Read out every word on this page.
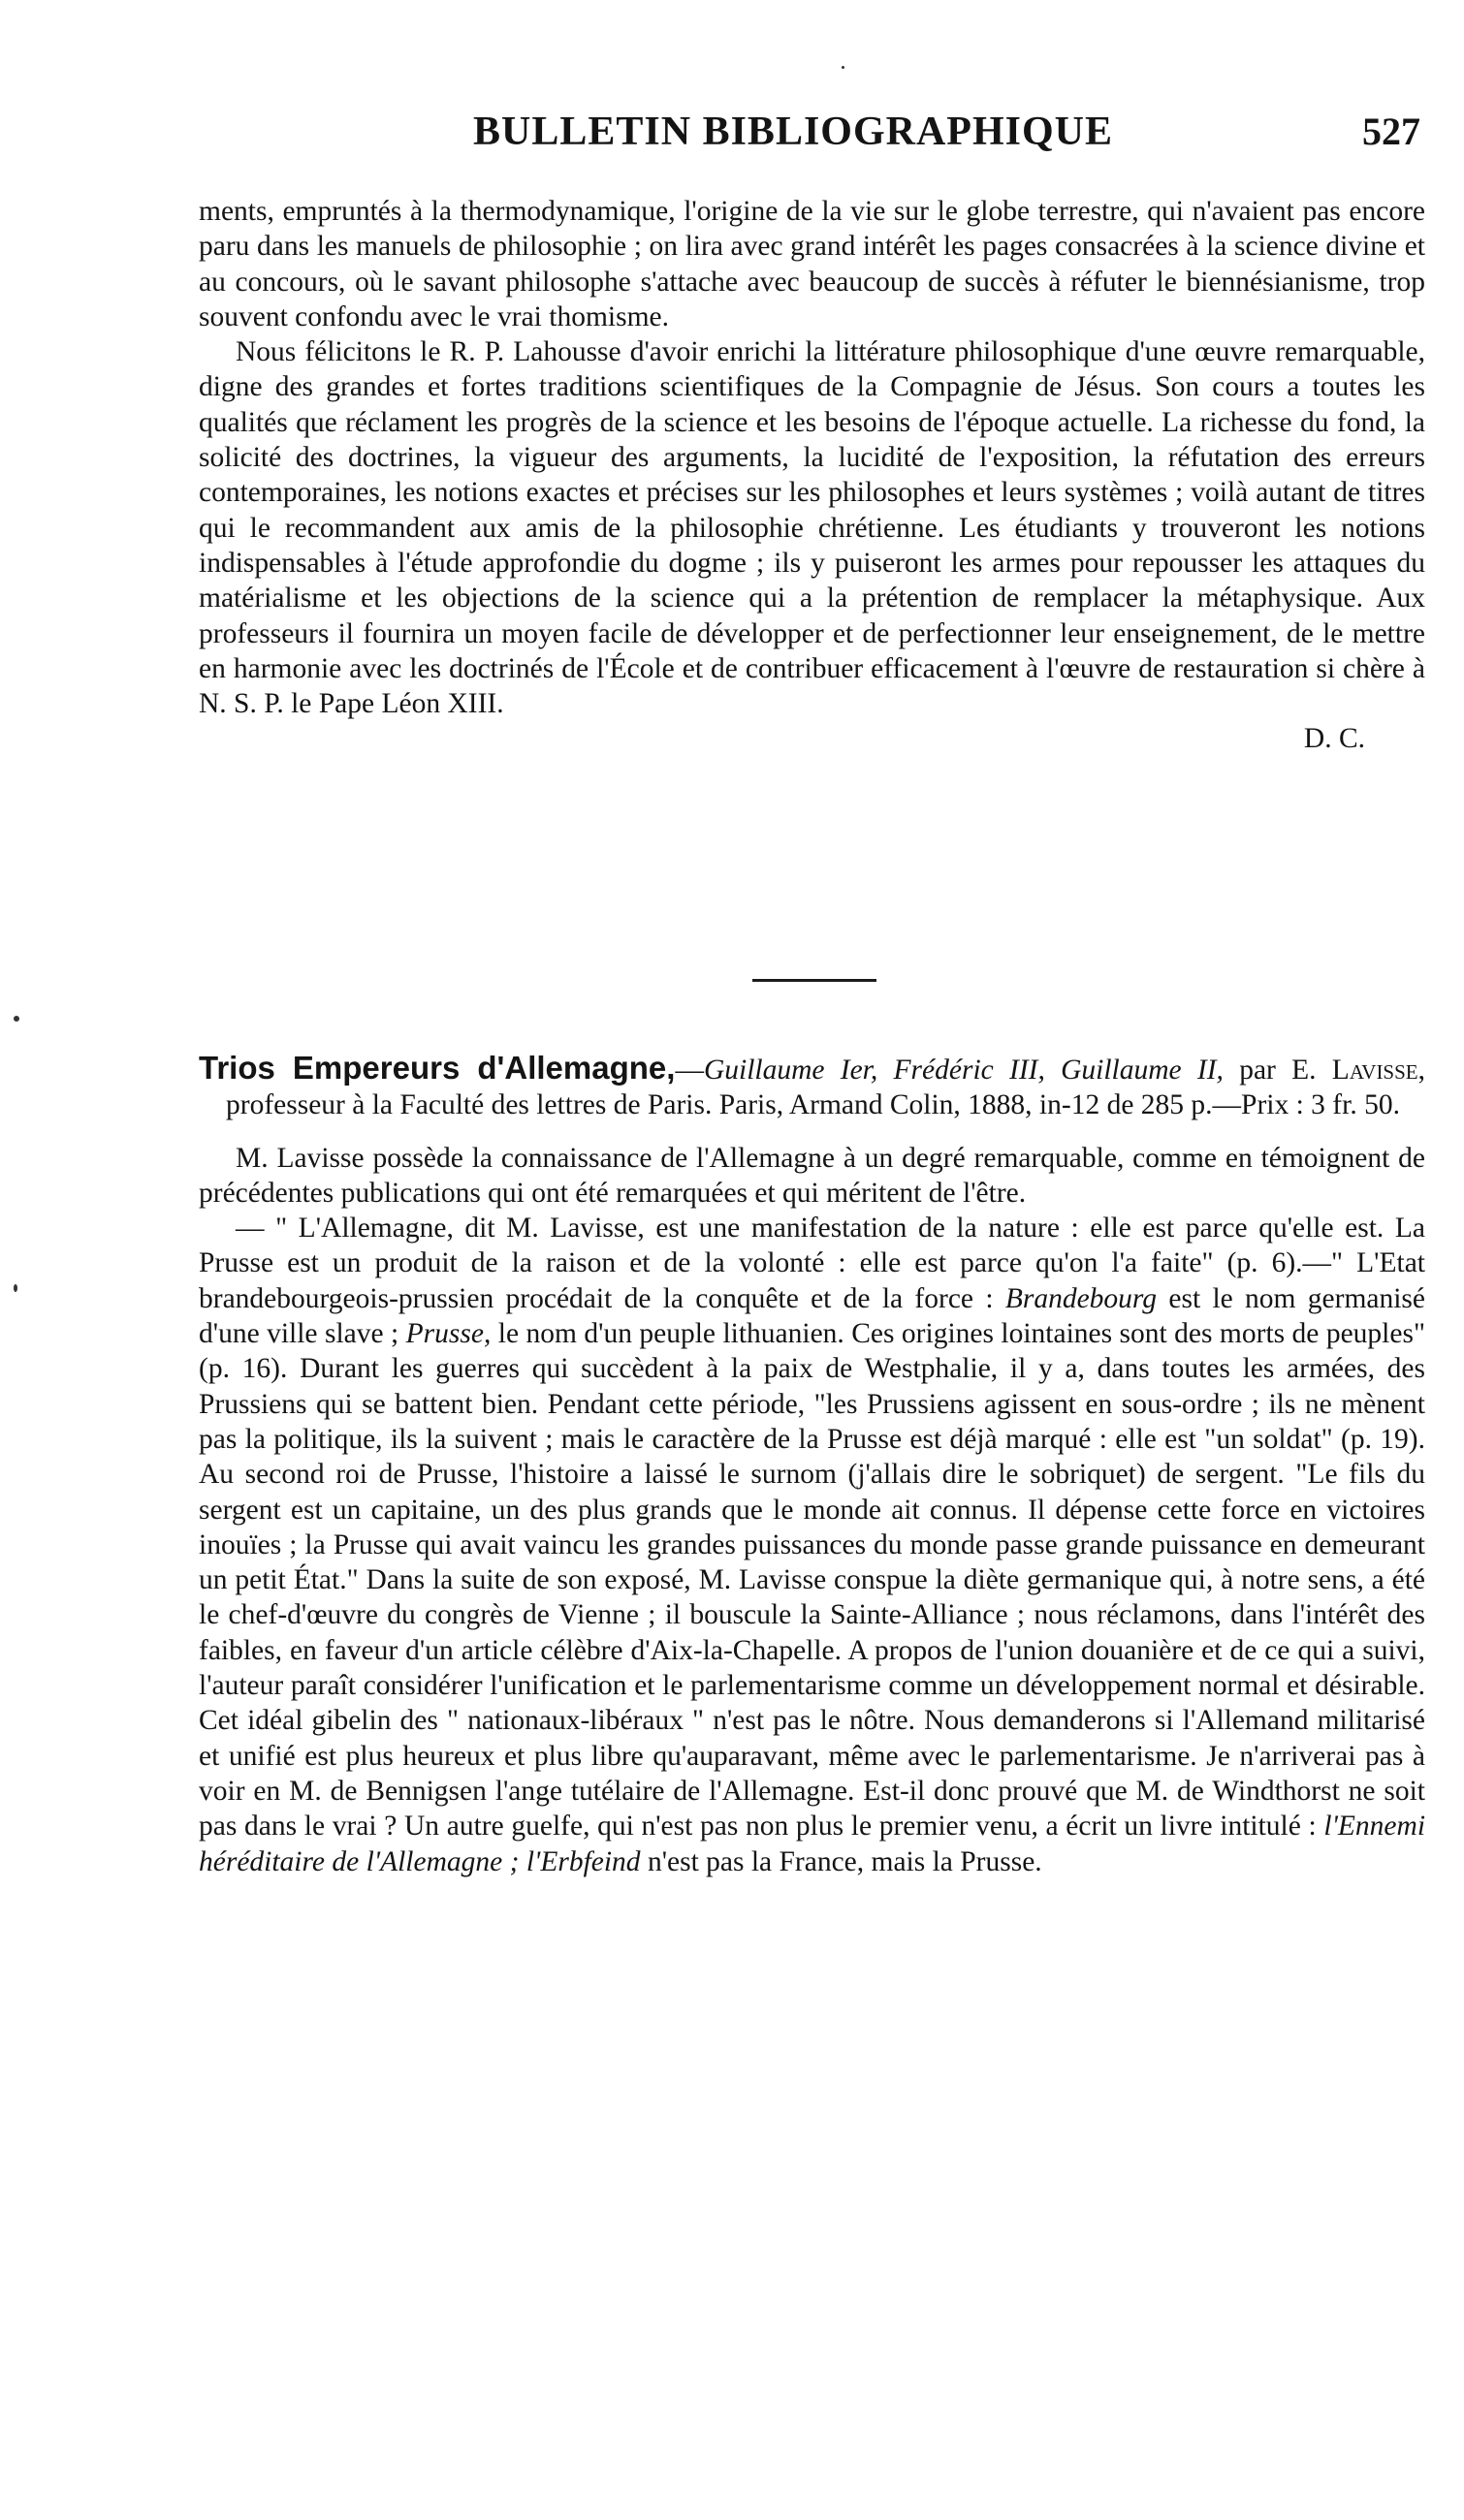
BULLETIN BIBLIOGRAPHIQUE	527

ments, empruntés à la thermodynamique, l'origine de la vie sur le globe terrestre, qui n'avaient pas encore paru dans les manuels de philosophie ; on lira avec grand intérêt les pages consacrées à la science divine et au concours, où le savant philosophe s'attache avec beaucoup de succès à réfuter le biennésianisme, trop souvent confondu avec le vrai thomisme.

Nous félicitons le R. P. Lahousse d'avoir enrichi la littérature philosophique d'une œuvre remarquable, digne des grandes et fortes traditions scientifiques de la Compagnie de Jésus. Son cours a toutes les qualités que réclament les progrès de la science et les besoins de l'époque actuelle. La richesse du fond, la solicité des doctrines, la vigueur des arguments, la lucidité de l'exposition, la réfutation des erreurs contemporaines, les notions exactes et précises sur les philosophes et leurs systèmes ; voilà autant de titres qui le recommandent aux amis de la philosophie chrétienne. Les étudiants y trouveront les notions indispensables à l'étude approfondie du dogme ; ils y puiseront les armes pour repousser les attaques du matérialisme et les objections de la science qui a la prétention de remplacer la métaphysique. Aux professeurs il fournira un moyen facile de développer et de perfectionner leur enseignement, de le mettre en harmonie avec les doctrinés de l'École et de contribuer efficacement à l'œuvre de restauration si chère à N. S. P. le Pape Léon XIII.

D. C.

Trios Empereurs d'Allemagne,—Guillaume Ier, Frédéric III, Guillaume II, par E. Lavisse, professeur à la Faculté des lettres de Paris. Paris, Armand Colin, 1888, in-12 de 285 p.—Prix : 3 fr. 50.

M. Lavisse possède la connaissance de l'Allemagne à un degré remarquable, comme en témoignent de précédentes publications qui ont été remarquées et qui méritent de l'être.

— " L'Allemagne, dit M. Lavisse, est une manifestation de la nature : elle est parce qu'elle est. La Prusse est un produit de la raison et de la volonté : elle est parce qu'on l'a faite" (p. 6).—" L'Etat brandebourgeois-prussien procédait de la conquête et de la force : Brandebourg est le nom germanisé d'une ville slave ; Prusse, le nom d'un peuple lithuanien. Ces origines lointaines sont des morts de peuples" (p. 16). Durant les guerres qui succèdent à la paix de Westphalie, il y a, dans toutes les armées, des Prussiens qui se battent bien. Pendant cette période, "les Prussiens agissent en sous-ordre ; ils ne mènent pas la politique, ils la suivent ; mais le caractère de la Prusse est déjà marqué : elle est "un soldat" (p. 19). Au second roi de Prusse, l'histoire a laissé le surnom (j'allais dire le sobriquet) de sergent. "Le fils du sergent est un capitaine, un des plus grands que le monde ait connus. Il dépense cette force en victoires inouïes ; la Prusse qui avait vaincu les grandes puissances du monde passe grande puissance en demeurant un petit État." Dans la suite de son exposé, M. Lavisse conspue la diète germanique qui, à notre sens, a été le chef-d'œuvre du congrès de Vienne ; il bouscule la Sainte-Alliance ; nous réclamons, dans l'intérêt des faibles, en faveur d'un article célèbre d'Aix-la-Chapelle. A propos de l'union douanière et de ce qui a suivi, l'auteur paraît considérer l'unification et le parlementarisme comme un développement normal et désirable. Cet idéal gibelin des " nationaux-libéraux " n'est pas le nôtre. Nous demanderons si l'Allemand militarisé et unifié est plus heureux et plus libre qu'auparavant, même avec le parlementarisme. Je n'arriverai pas à voir en M. de Bennigsen l'ange tutélaire de l'Allemagne. Est-il donc prouvé que M. de Windthorst ne soit pas dans le vrai ? Un autre guelfe, qui n'est pas non plus le premier venu, a écrit un livre intitulé : l'Ennemi héréditaire de l'Allemagne ; l'Erbfeind n'est pas la France, mais la Prusse.
